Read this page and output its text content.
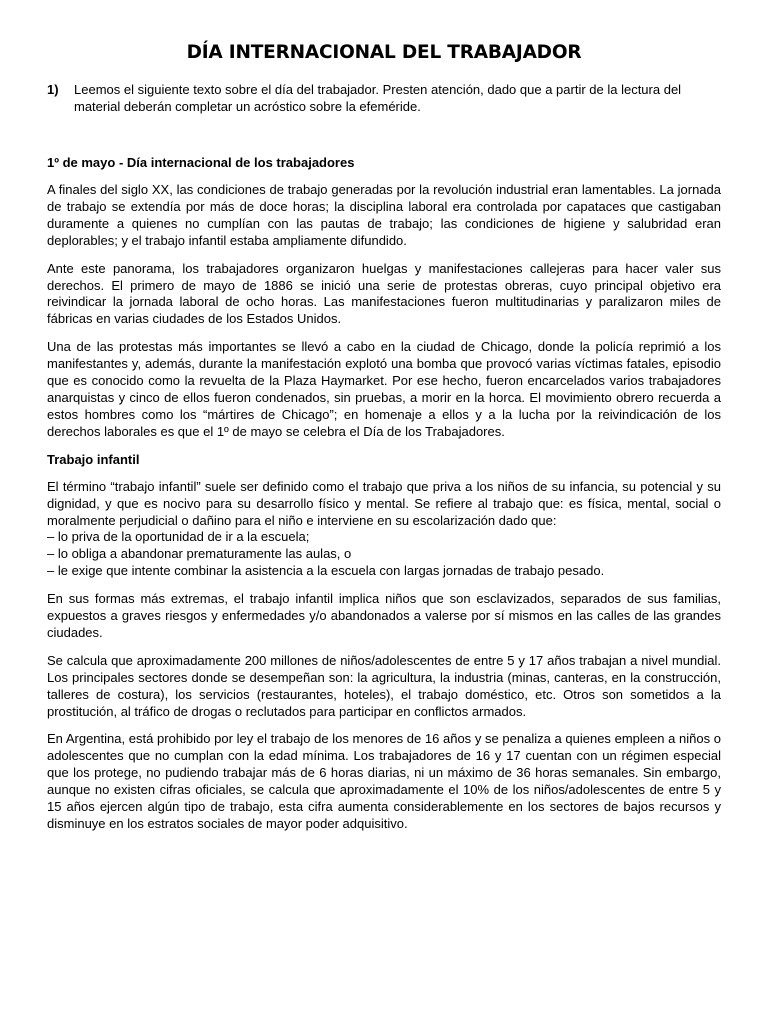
DÍA INTERNACIONAL DEL TRABAJADOR
1)	Leemos el siguiente texto sobre el día del trabajador. Presten atención, dado que a partir de la lectura del material deberán completar un acróstico sobre la efeméride.

1º de mayo - Día internacional de los trabajadores

A finales del siglo XX, las condiciones de trabajo generadas por la revolución industrial eran lamentables. La jornada de trabajo se extendía por más de doce horas; la disciplina laboral era controlada por capataces que castigaban duramente a quienes no cumplían con las pautas de trabajo; las condiciones de higiene y salubridad eran deplorables; y el trabajo infantil estaba ampliamente difundido.

Ante este panorama, los trabajadores organizaron huelgas y manifestaciones callejeras para hacer valer sus derechos. El primero de mayo de 1886 se inició una serie de protestas obreras, cuyo principal objetivo era reivindicar la jornada laboral de ocho horas. Las manifestaciones fueron multitudinarias y paralizaron miles de fábricas en varias ciudades de los Estados Unidos.

Una de las protestas más importantes se llevó a cabo en la ciudad de Chicago, donde la policía reprimió a los manifestantes y, además, durante la manifestación explotó una bomba que provocó varias víctimas fatales, episodio que es conocido como la revuelta de la Plaza Haymarket. Por ese hecho, fueron encarcelados varios trabajadores anarquistas y cinco de ellos fueron condenados, sin pruebas, a morir en la horca. El movimiento obrero recuerda a estos hombres como los “mártires de Chicago”; en homenaje a ellos y a la lucha por la reivindicación de los derechos laborales es que el 1º de mayo se celebra el Día de los Trabajadores.

Trabajo infantil

El término “trabajo infantil” suele ser definido como el trabajo que priva a los niños de su infancia, su potencial y su dignidad, y que es nocivo para su desarrollo físico y mental. Se refiere al trabajo que: es física, mental, social o moralmente perjudicial o dañino para el niño e interviene en su escolarización dado que:

– lo priva de la oportunidad de ir a la escuela;

– lo obliga a abandonar prematuramente las aulas, o

– le exige que intente combinar la asistencia a la escuela con largas jornadas de trabajo pesado.

En sus formas más extremas, el trabajo infantil implica niños que son esclavizados, separados de sus familias, expuestos a graves riesgos y enfermedades y/o abandonados a valerse por sí mismos en las calles de las grandes ciudades.

Se calcula que aproximadamente 200 millones de niños/adolescentes de entre 5 y 17 años trabajan a nivel mundial. Los principales sectores donde se desempeñan son: la agricultura, la industria (minas, canteras, en la construcción, talleres de costura), los servicios (restaurantes, hoteles), el trabajo doméstico, etc. Otros son sometidos a la prostitución, al tráfico de drogas o reclutados para participar en conflictos armados.

En Argentina, está prohibido por ley el trabajo de los menores de 16 años y se penaliza a quienes empleen a niños o adolescentes que no cumplan con la edad mínima. Los trabajadores de 16 y 17 cuentan con un régimen especial que los protege, no pudiendo trabajar más de 6 horas diarias, ni un máximo de 36 horas semanales. Sin embargo, aunque no existen cifras oficiales, se calcula que aproximadamente el 10% de los niños/adolescentes de entre 5 y 15 años ejercen algún tipo de trabajo, esta cifra aumenta considerablemente en los sectores de bajos recursos y disminuye en los estratos sociales de mayor poder adquisitivo.
